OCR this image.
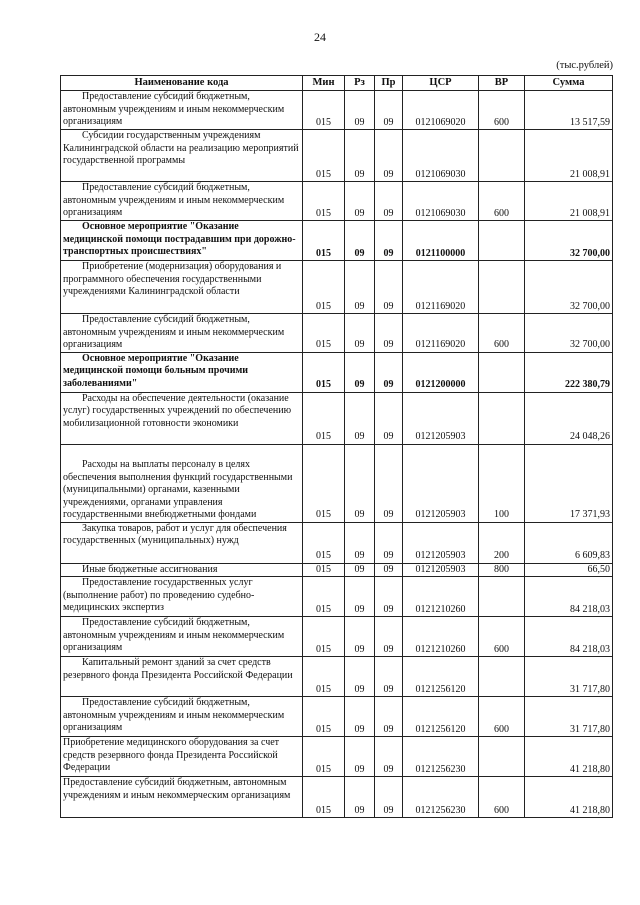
24
(тыс.рублей)
Наименование кода	Мин	Рз	Пр	ЦСР	ВР	Сумма

Предоставление субсидий бюджетным, автономным учреждениям и иным некоммерческим организациям	015	09	09	0121069020	600	13 517,59

Субсидии государственным учреждениям Калининградской области на реализацию мероприятий государственной программы	015	09	09	0121069030		21 008,91

Предоставление субсидий бюджетным, автономным учреждениям и иным некоммерческим организациям	015	09	09	0121069030	600	21 008,91

Основное мероприятие "Оказание медицинской помощи пострадавшим при дорожно-транспортных происшествиях"	015	09	09	0121100000		32 700,00

Приобретение (модернизация) оборудования и программного обеспечения государственными учреждениями Калининградской области	015	09	09	0121169020		32 700,00

Предоставление субсидий бюджетным, автономным учреждениям и иным некоммерческим организациям	015	09	09	0121169020	600	32 700,00

Основное мероприятие "Оказание медицинской помощи больным прочими заболеваниями"	015	09	09	0121200000		222 380,79

Расходы на обеспечение деятельности (оказание услуг) государственных учреждений по обеспечению мобилизационной готовности экономики	015	09	09	0121205903		24 048,26

Расходы на выплаты персоналу в целях обеспечения выполнения функций государственными (муниципальными) органами, казенными учреждениями, органами управления государственными внебюджетными фондами	015	09	09	0121205903	100	17 371,93

Закупка товаров, работ и услуг для обеспечения государственных (муниципальных) нужд	015	09	09	0121205903	200	6 609,83

Иные бюджетные ассигнования	015	09	09	0121205903	800	66,50

Предоставление государственных услуг (выполнение работ) по проведению судебно-медицинских экспертиз	015	09	09	0121210260		84 218,03

Предоставление субсидий бюджетным, автономным учреждениям и иным некоммерческим организациям	015	09	09	0121210260	600	84 218,03

Капитальный ремонт зданий за счет средств резервного фонда Президента Российской Федерации	015	09	09	0121256120		31 717,80

Предоставление субсидий бюджетным, автономным учреждениям и иным некоммерческим организациям	015	09	09	0121256120	600	31 717,80

Приобретение медицинского оборудования за счет средств резервного фонда Президента Российской Федерации	015	09	09	0121256230		41 218,80

Предоставление субсидий бюджетным, автономным учреждениям и иным некоммерческим организациям	015	09	09	0121256230	600	41 218,80
